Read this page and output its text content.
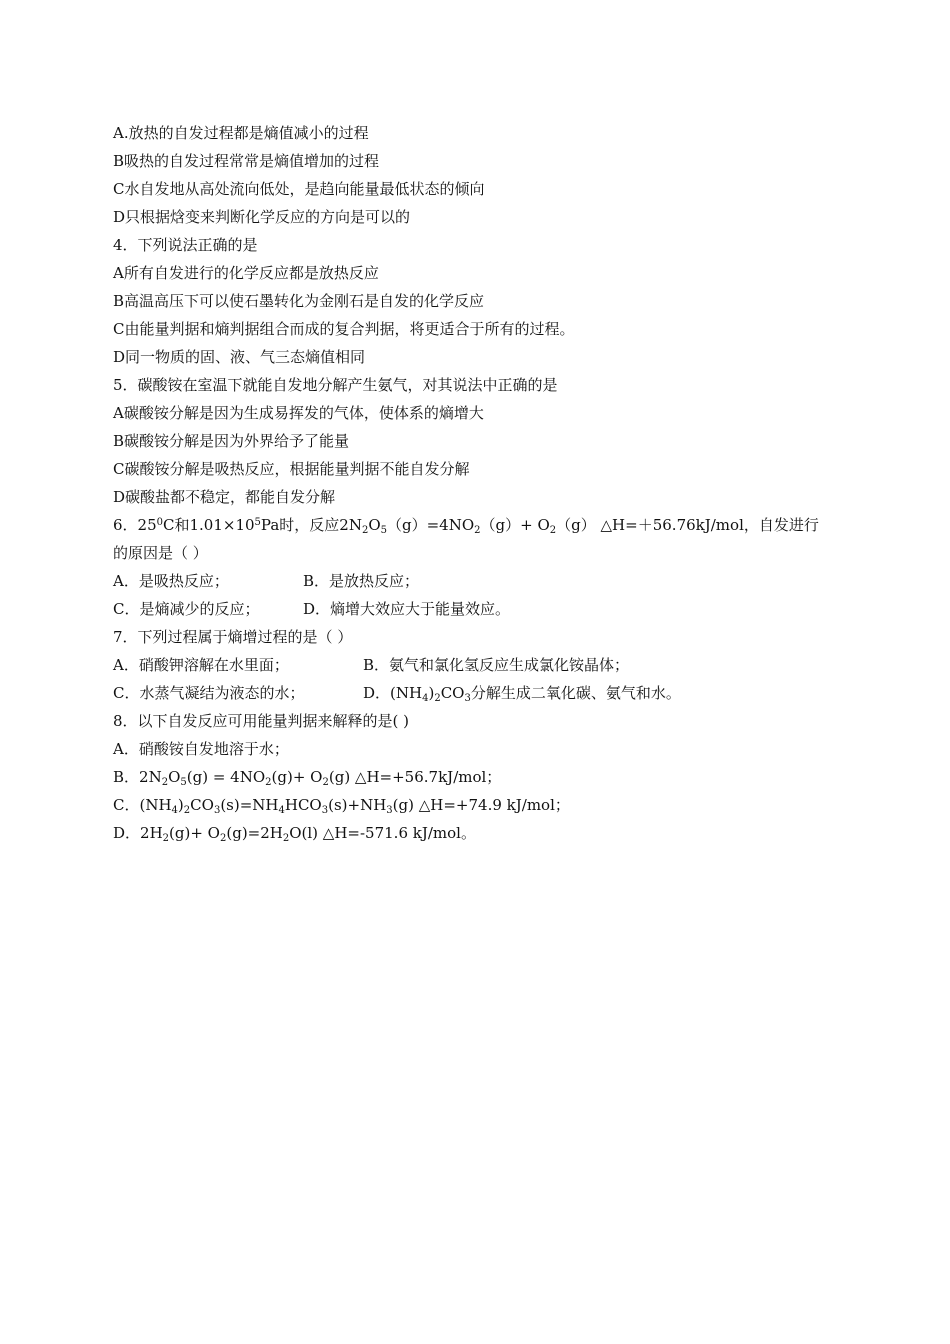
A.放热的自发过程都是熵值减小的过程
B吸热的自发过程常常是熵值增加的过程
C水自发地从高处流向低处，是趋向能量最低状态的倾向
D只根据焓变来判断化学反应的方向是可以的
4．下列说法正确的是
A所有自发进行的化学反应都是放热反应
B高温高压下可以使石墨转化为金刚石是自发的化学反应
C由能量判据和熵判据组合而成的复合判据，将更适合于所有的过程。
D同一物质的固、液、气三态熵值相同
5．碳酸铵在室温下就能自发地分解产生氨气，对其说法中正确的是
A碳酸铵分解是因为生成易挥发的气体，使体系的熵增大
B碳酸铵分解是因为外界给予了能量
C碳酸铵分解是吸热反应，根据能量判据不能自发分解
D碳酸盐都不稳定，都能自发分解
6．$25^0C$和$1.01\times 10^5Pa$时，反应$2N_2O_5(g)=4NO_2(g)+ O_2(g)$ △H=＋56.76kJ/mol，自发进行
的原因是（ ）
A．是吸热反应；	B．是放热反应；
C．是熵减少的反应；	D．熵增大效应大于能量效应。
7．下列过程属于熵增过程的是（ ）
A．硝酸钾溶解在水里面；	B．氨气和氯化氢反应生成氯化铵晶体；
C．水蒸气凝结为液态的水；	D．$(NH_4)_2CO_3$分解生成二氧化碳、氨气和水。
8．以下自发反应可用能量判据来解释的是( )
A．硝酸铵自发地溶于水；
B．$2N_2O_5(g) = 4NO_2(g)+ O_2(g)$ △H=+56.7kJ/mol；
C．$(NH_4)_2CO_3(s)=NH_4HCO_3(s)+NH_3(g)$ △H=+74.9 kJ/mol；
D．$2H_2(g)+ O_2(g)=2H_2O(l)$ △H=-571.6 kJ/mol。
